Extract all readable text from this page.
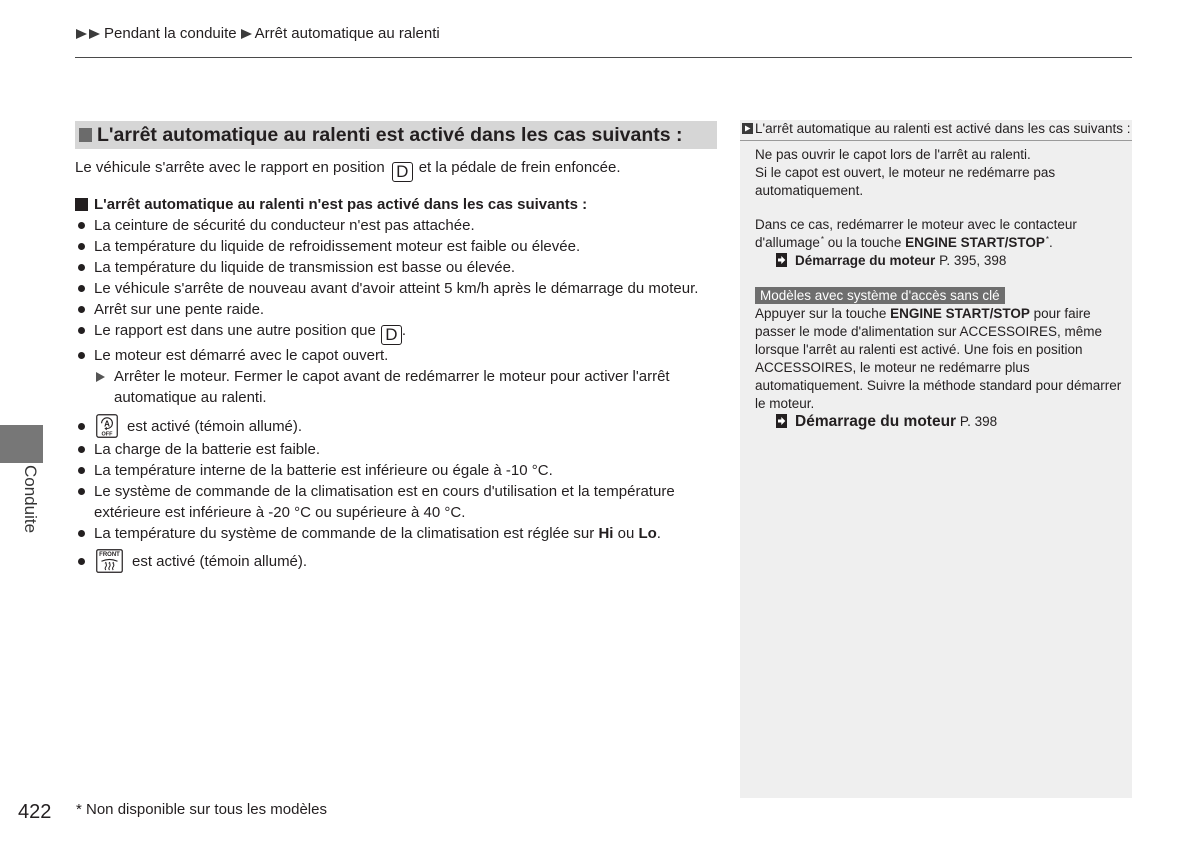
Pendant la conduite Arrêt automatique au ralenti
Conduite
L'arrêt automatique au ralenti est activé dans les cas suivants :

Le véhicule s'arrête avec le rapport en position D et la pédale de frein enfoncée.

L'arrêt automatique au ralenti n'est pas activé dans les cas suivants :
La ceinture de sécurité du conducteur n'est pas attachée.
La température du liquide de refroidissement moteur est faible ou élevée.
La température du liquide de transmission est basse ou élevée.
Le véhicule s'arrête de nouveau avant d'avoir atteint 5 km/h après le démarrage du moteur.
Arrêt sur une pente raide.
Le rapport est dans une autre position que D .
Le moteur est démarré avec le capot ouvert.
Arrêter le moteur. Fermer le capot avant de redémarrer le moteur pour activer l'arrêt automatique au ralenti.
A
OFF
est activé (témoin allumé).
La charge de la batterie est faible.
La température interne de la batterie est inférieure ou égale à -10 °C.
Le système de commande de la climatisation est en cours d'utilisation et la température extérieure est inférieure à -20 °C ou supérieure à 40 °C.
La température du système de commande de la climatisation est réglée sur Hi ou Lo.
FRONT est activé (témoin allumé).
L'arrêt automatique au ralenti est activé dans les cas suivants :
Ne pas ouvrir le capot lors de l'arrêt au ralenti.
Si le capot est ouvert, le moteur ne redémarre pas automatiquement.
Dans ce cas, redémarrer le moteur avec le contacteur d'allumage* ou la touche ENGINE START/STOP*.
Démarrage du moteur P. 395, 398
Modèles avec système d'accès sans clé
Appuyer sur la touche ENGINE START/STOP pour faire passer le mode d'alimentation sur ACCESSOIRES, même lorsque l'arrêt au ralenti est activé. Une fois en position ACCESSOIRES, le moteur ne redémarre plus automatiquement. Suivre la méthode standard pour démarrer le moteur.
Démarrage du moteur P. 398
422 * Non disponible sur tous les modèles
